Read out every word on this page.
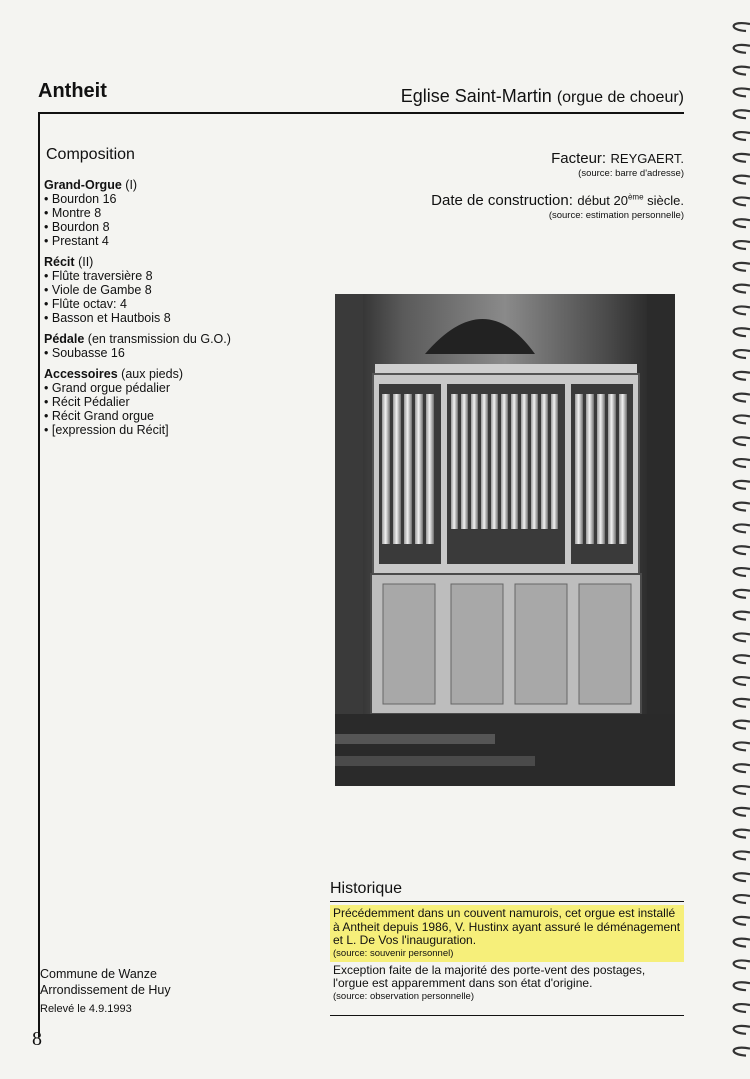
Antheit	Eglise Saint-Martin (orgue de choeur)
Composition
Grand-Orgue (I)
• Bourdon 16
• Montre 8
• Bourdon 8
• Prestant 4
Récit (II)
• Flûte traversière 8
• Viole de Gambe 8
• Flûte octav: 4
• Basson et Hautbois 8
Pédale (en transmission du G.O.)
• Soubasse 16
Accessoires (aux pieds)
• Grand orgue pédalier
• Récit Pédalier
• Récit Grand orgue
• [expression du Récit]
Facteur: REYGAERT.
(source: barre d'adresse)
Date de construction: début 20ème siècle.
(source: estimation personnelle)
Historique
Précédemment dans un couvent namurois, cet orgue est installé à Antheit depuis 1986, V. Hustinx ayant assuré le déménagement et L. De Vos l'inauguration.
(source: souvenir personnel)
Exception faite de la majorité des porte-vent des postages, l'orgue est apparemment dans son état d'origine.
(source: observation personnelle)
Commune de Wanze
Arrondissement de Huy
Relevé le 4.9.1993
8
